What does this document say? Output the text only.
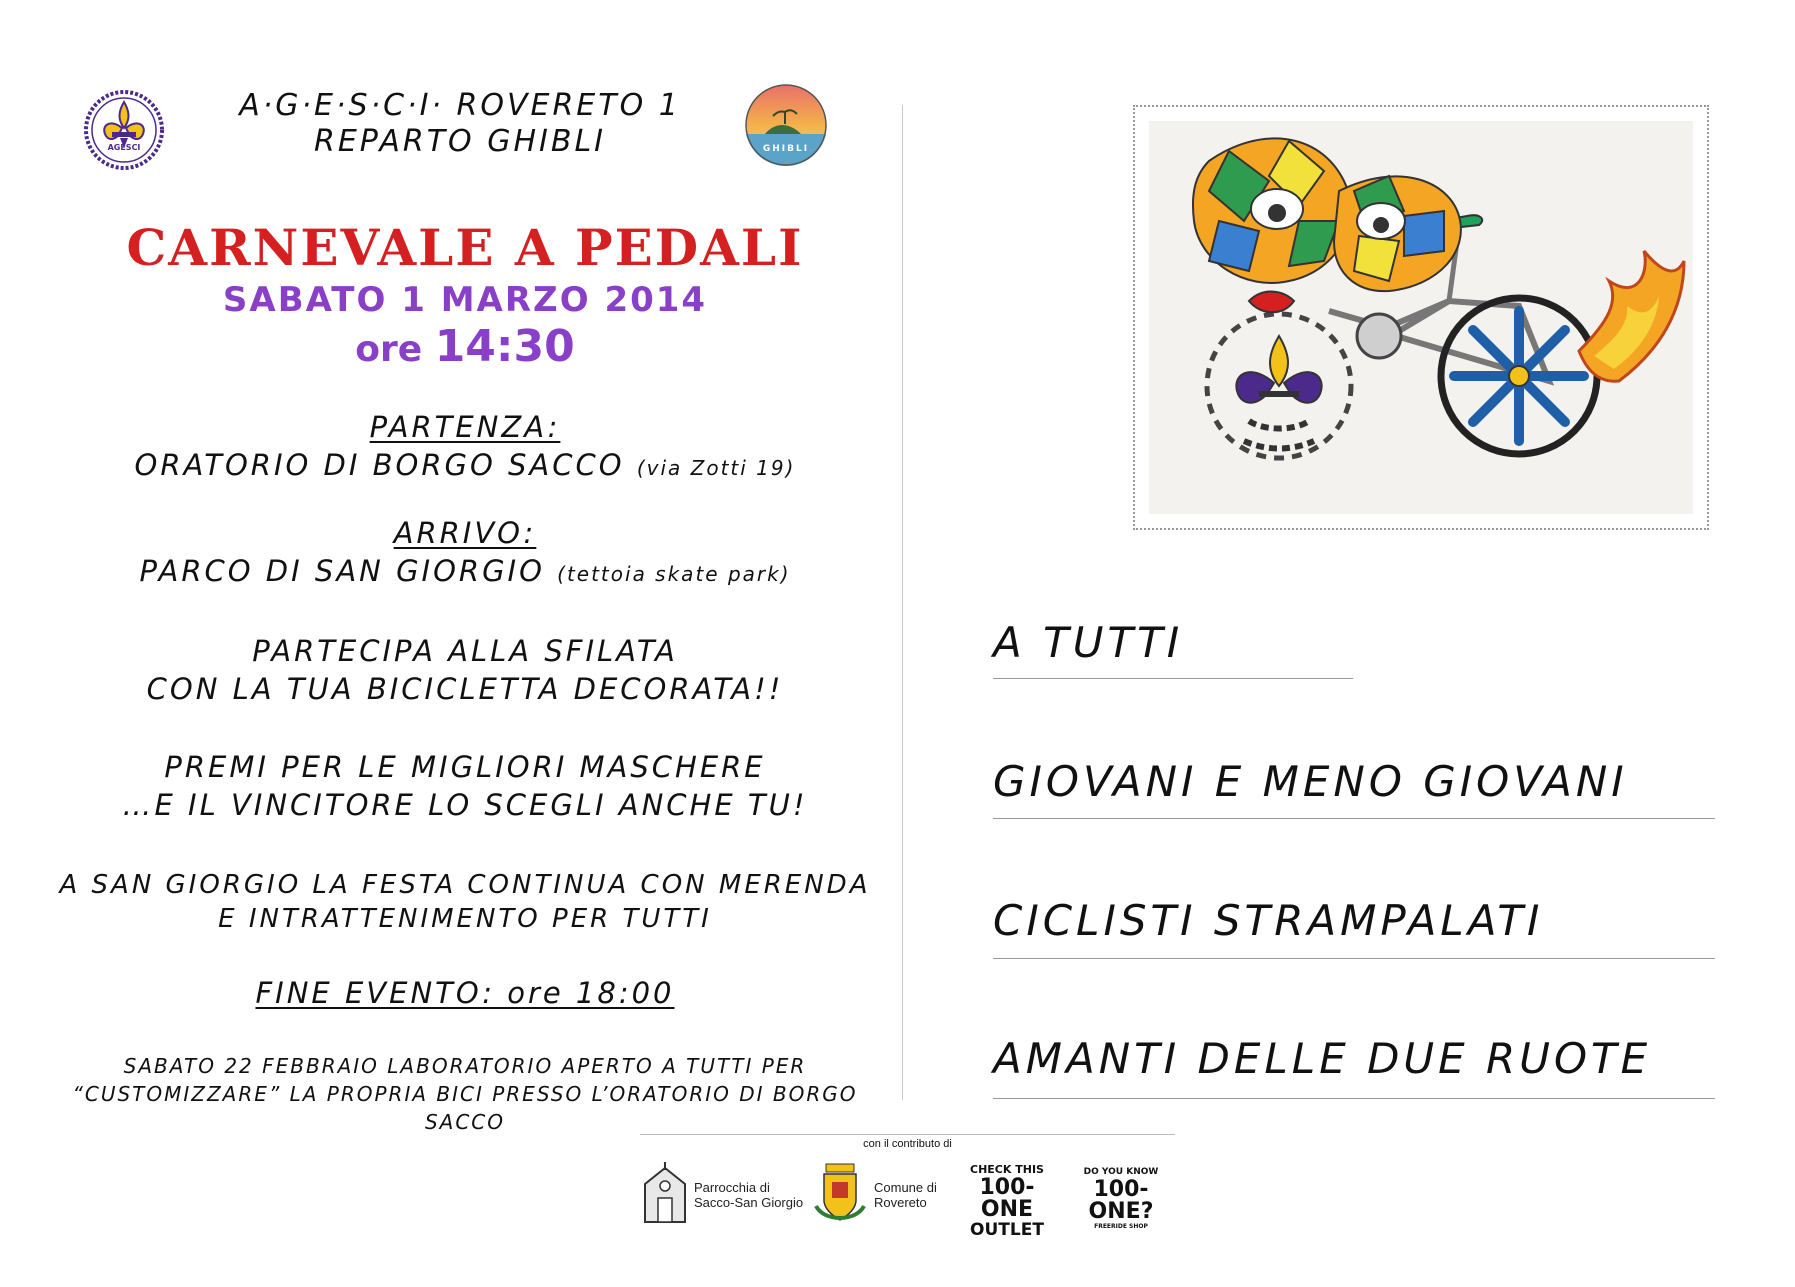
AGESCI
A·G·E·S·C·I· ROVERETO 1
REPARTO GHIBLI	GHIBLI
CARNEVALE A PEDALI
SABATO 1 MARZO 2014
ore 14:30
PARTENZA:
ORATORIO DI BORGO SACCO (via Zotti 19)
ARRIVO:
PARCO DI SAN GIORGIO (tettoia skate park)
PARTECIPA ALLA SFILATA
CON LA TUA BICICLETTA DECORATA!!
PREMI PER LE MIGLIORI MASCHERE
…E IL VINCITORE LO SCEGLI ANCHE TU!
A SAN GIORGIO LA FESTA CONTINUA CON MERENDA
E INTRATTENIMENTO PER TUTTI
FINE EVENTO: ore 18:00
SABATO 22 FEBBRAIO LABORATORIO APERTO A TUTTI PER
“CUSTOMIZZARE” LA PROPRIA BICI PRESSO L’ORATORIO DI BORGO SACCO
A TUTTI
GIOVANI E MENO GIOVANI
CICLISTI STRAMPALATI
AMANTI DELLE DUE RUOTE
con il contributo di
Parrocchia di
Sacco-San Giorgio
Comune di
Rovereto
CHECK THIS
100-ONE
OUTLET
DO YOU KNOW
100-ONE?
FREERIDE SHOP
